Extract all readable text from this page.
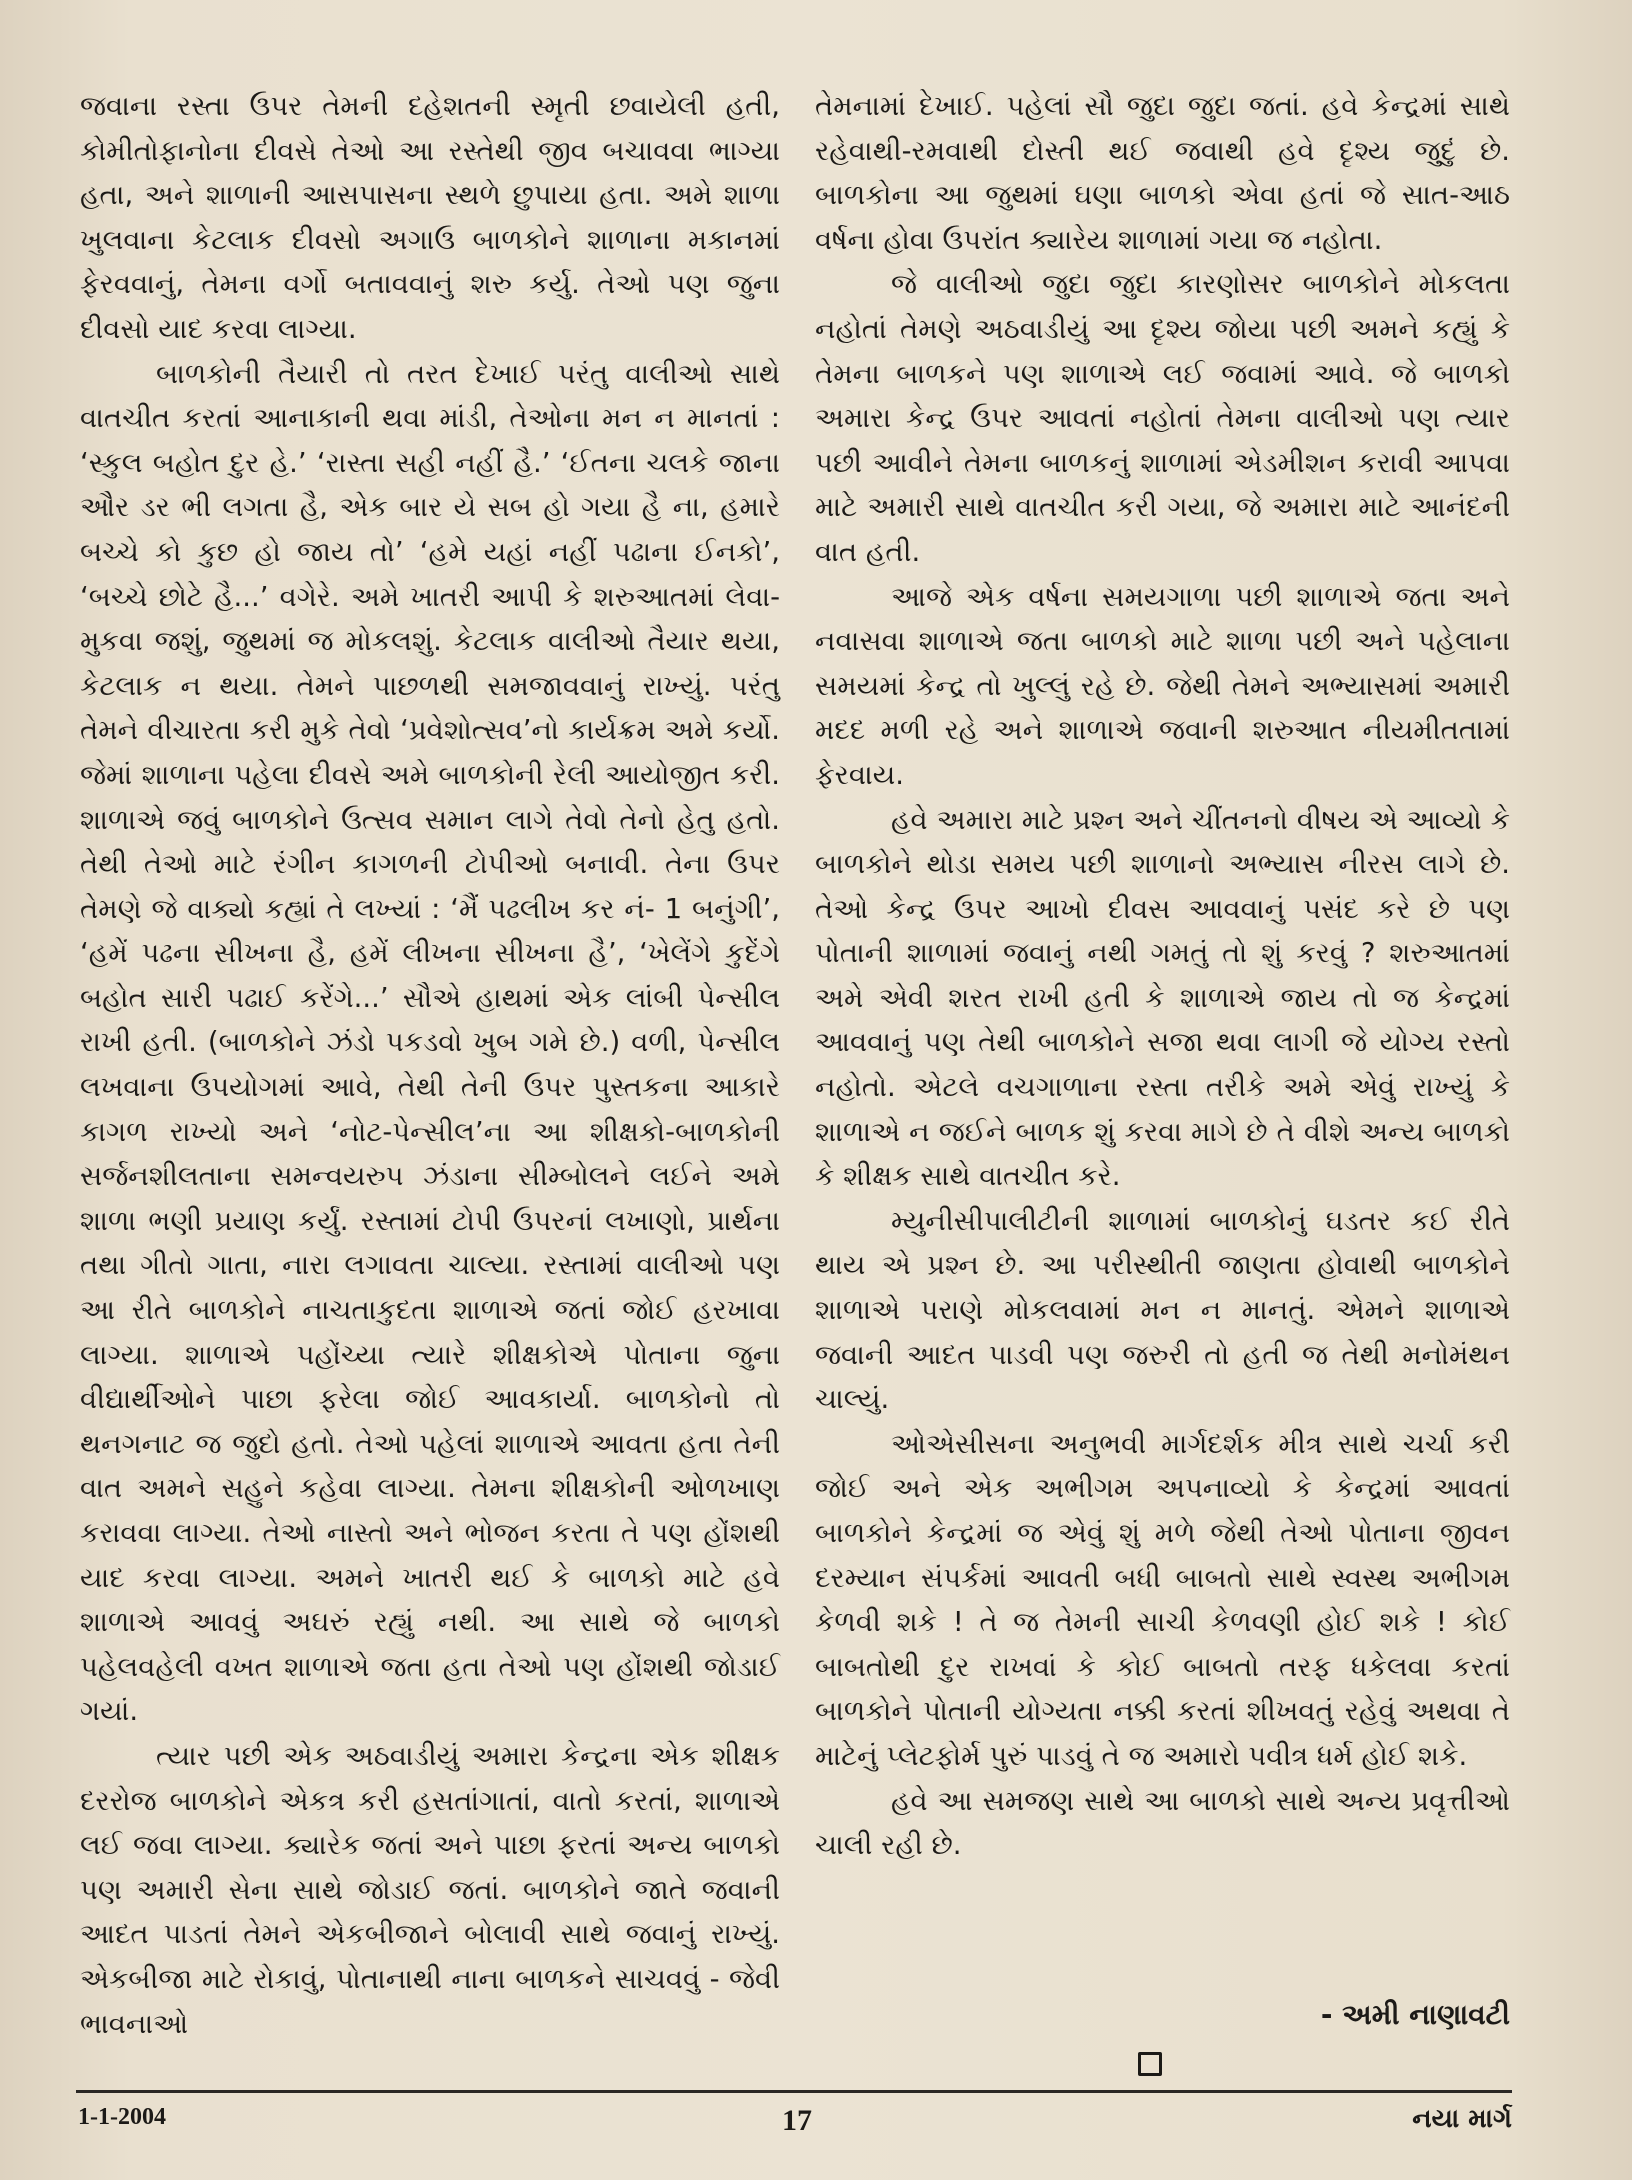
જવાના રસ્તા ઉપર તેમની દહેશતની સ્મૃતી છવાયેલી હતી, કોમીતોફાનોના દીવસે તેઓ આ રસ્તેથી જીવ બચાવવા ભાગ્યા હતા, અને શાળાની આસપાસના સ્થળે છુપાયા હતા. અમે શાળા ખુલવાના કેટલાક દીવસો અગાઉ બાળકોને શાળાના મકાનમાં ફેરવવાનું, તેમના વર્ગો બતાવવાનું શરુ કર્યુ. તેઓ પણ જુના દીવસો યાદ કરવા લાગ્યા.

બાળકોની તૈયારી તો તરત દેખાઈ પરંતુ વાલીઓ સાથે વાતચીત કરતાં આનાકાની થવા માંડી, તેઓના મન ન માનતાં : ‘સ્કુલ બહોત દુર હે.’ ‘રાસ્તા સહી નહીં હૈ.’ ‘ઈતના ચલકે જાના ઔર ડર ભી લગતા હૈ, એક બાર યે સબ હો ગયા હૈ ના, હમારે બચ્ચે કો કુછ હો જાય તો’ ‘હમે યહાં નહીં પઢાના ઈનકો’, ‘બચ્ચે છોટે હૈ...’ વગેરે. અમે ખાતરી આપી કે શરુઆતમાં લેવા-મુકવા જશું, જુથમાં જ મોકલશું. કેટલાક વાલીઓ તૈયાર થયા, કેટલાક ન થયા. તેમને પાછળથી સમજાવવાનું રાખ્યું. પરંતુ તેમને વીચારતા કરી મુકે તેવો ‘પ્રવેશોત્સવ’નો કાર્યક્રમ અમે કર્યો. જેમાં શાળાના પહેલા દીવસે અમે બાળકોની રેલી આયોજીત કરી. શાળાએ જવું બાળકોને ઉત્સવ સમાન લાગે તેવો તેનો હેતુ હતો. તેથી તેઓ માટે રંગીન કાગળની ટોપીઓ બનાવી. તેના ઉપર તેમણે જે વાક્યો કહ્યાં તે લખ્યાં : ‘મૈં પઢલીખ કર નં- 1 બનુંગી’, ‘હમેં પઢના સીખના હૈ, હમેં લીખના સીખના હૈ’, ‘ખેલેંગે કુદેંગે બહોત સારી પઢાઈ કરેંગે...’ સૌએ હાથમાં એક લાંબી પેન્સીલ રાખી હતી. (બાળકોને ઝંડો પકડવો ખુબ ગમે છે.) વળી, પેન્સીલ લખવાના ઉપયોગમાં આવે, તેથી તેની ઉપર પુસ્તકના આકારે કાગળ રાખ્યો અને ‘નોટ-પેન્સીલ’ના આ શીક્ષકો-બાળકોની સર્જનશીલતાના સમન્વયરુપ ઝંડાના સીમ્બોલને લઈને અમે શાળા ભણી પ્રયાણ કર્યું. રસ્તામાં ટોપી ઉપરનાં લખાણો, પ્રાર્થના તથા ગીતો ગાતા, નારા લગાવતા ચાલ્યા. રસ્તામાં વાલીઓ પણ આ રીતે બાળકોને નાચતાકુદતા શાળાએ જતાં જોઈ હરખાવા લાગ્યા. શાળાએ પહોંચ્યા ત્યારે શીક્ષકોએ પોતાના જુના વીદ્યાર્થીઓને પાછા ફરેલા જોઈ આવકાર્યા. બાળકોનો તો થનગનાટ જ જુદો હતો. તેઓ પહેલાં શાળાએ આવતા હતા તેની વાત અમને સહુને કહેવા લાગ્યા. તેમના શીક્ષકોની ઓળખાણ કરાવવા લાગ્યા. તેઓ નાસ્તો અને ભોજન કરતા તે પણ હોંશથી યાદ કરવા લાગ્યા. અમને ખાતરી થઈ કે બાળકો માટે હવે શાળાએ આવવું અઘરું રહ્યું નથી. આ સાથે જે બાળકો પહેલવહેલી વખત શાળાએ જતા હતા તેઓ પણ હોંશથી જોડાઈ ગયાં.

ત્યાર પછી એક અઠવાડીયું અમારા કેન્દ્રના એક શીક્ષક દરરોજ બાળકોને એકત્ર કરી હસતાંગાતાં, વાતો કરતાં, શાળાએ લઈ જવા લાગ્યા. ક્યારેક જતાં અને પાછા ફરતાં અન્ય બાળકો પણ અમારી સેના સાથે જોડાઈ જતાં. બાળકોને જાતે જવાની આદત પાડતાં તેમને એકબીજાને બોલાવી સાથે જવાનું રાખ્યું. એકબીજા માટે રોકાવું, પોતાનાથી નાના બાળકને સાચવવું - જેવી ભાવનાઓ

તેમનામાં દેખાઈ. પહેલાં સૌ જુદા જુદા જતાં. હવે કેન્દ્રમાં સાથે રહેવાથી-રમવાથી દોસ્તી થઈ જવાથી હવે દૃશ્ય જુદું છે. બાળકોના આ જુથમાં ઘણા બાળકો એવા હતાં જે સાત-આઠ વર્ષના હોવા ઉપરાંત ક્યારેય શાળામાં ગયા જ નહોતા.

જે વાલીઓ જુદા જુદા કારણોસર બાળકોને મોકલતા નહોતાં તેમણે અઠવાડીયું આ દૃશ્ય જોયા પછી અમને કહ્યું કે તેમના બાળકને પણ શાળાએ લઈ જવામાં આવે. જે બાળકો અમારા કેન્દ્ર ઉપર આવતાં નહોતાં તેમના વાલીઓ પણ ત્યાર પછી આવીને તેમના બાળકનું શાળામાં એડમીશન કરાવી આપવા માટે અમારી સાથે વાતચીત કરી ગયા, જે અમારા માટે આનંદની વાત હતી.

આજે એક વર્ષના સમયગાળા પછી શાળાએ જતા અને નવાસવા શાળાએ જતા બાળકો માટે શાળા પછી અને પહેલાના સમયમાં કેન્દ્ર તો ખુલ્લું રહે છે. જેથી તેમને અભ્યાસમાં અમારી મદદ મળી રહે અને શાળાએ જવાની શરુઆત નીયમીતતામાં ફેરવાય.

હવે અમારા માટે પ્રશ્ન અને ચીંતનનો વીષય એ આવ્યો કે બાળકોને થોડા સમય પછી શાળાનો અભ્યાસ નીરસ લાગે છે. તેઓ કેન્દ્ર ઉપર આખો દીવસ આવવાનું પસંદ કરે છે પણ પોતાની શાળામાં જવાનું નથી ગમતું તો શું કરવું ? શરુઆતમાં અમે એવી શરત રાખી હતી કે શાળાએ જાય તો જ કેન્દ્રમાં આવવાનું પણ તેથી બાળકોને સજા થવા લાગી જે યોગ્ય રસ્તો નહોતો. એટલે વચગાળાના રસ્તા તરીકે અમે એવું રાખ્યું કે શાળાએ ન જઈને બાળક શું કરવા માગે છે તે વીશે અન્ય બાળકો કે શીક્ષક સાથે વાતચીત કરે.

મ્યુનીસીપાલીટીની શાળામાં બાળકોનું ઘડતર કઈ રીતે થાય એ પ્રશ્ન છે. આ પરીસ્થીતી જાણતા હોવાથી બાળકોને શાળાએ પરાણે મોકલવામાં મન ન માનતું. એમને શાળાએ જવાની આદત પાડવી પણ જરુરી તો હતી જ તેથી મનોમંથન ચાલ્યું.

ઓએસીસના અનુભવી માર્ગદર્શક મીત્ર સાથે ચર્ચા કરી જોઈ અને એક અભીગમ અપનાવ્યો કે કેન્દ્રમાં આવતાં બાળકોને કેન્દ્રમાં જ એવું શું મળે જેથી તેઓ પોતાના જીવન દરમ્યાન સંપર્કમાં આવતી બધી બાબતો સાથે સ્વસ્થ અભીગમ કેળવી શકે ! તે જ તેમની સાચી કેળવણી હોઈ શકે ! કોઈ બાબતોથી દુર રાખવાં કે કોઈ બાબતો તરફ ધકેલવા કરતાં બાળકોને પોતાની યોગ્યતા નક્કી કરતાં શીખવતું રહેવું અથવા તે માટેનું પ્લેટફોર્મ પુરું પાડવું તે જ અમારો પવીત્ર ધર્મ હોઈ શકે.

હવે આ સમજણ સાથે આ બાળકો સાથે અન્ય પ્રવૃત્તીઓ ચાલી રહી છે.

- અમી નાણાવટી
1-1-2004	17	નયા માર્ગ
